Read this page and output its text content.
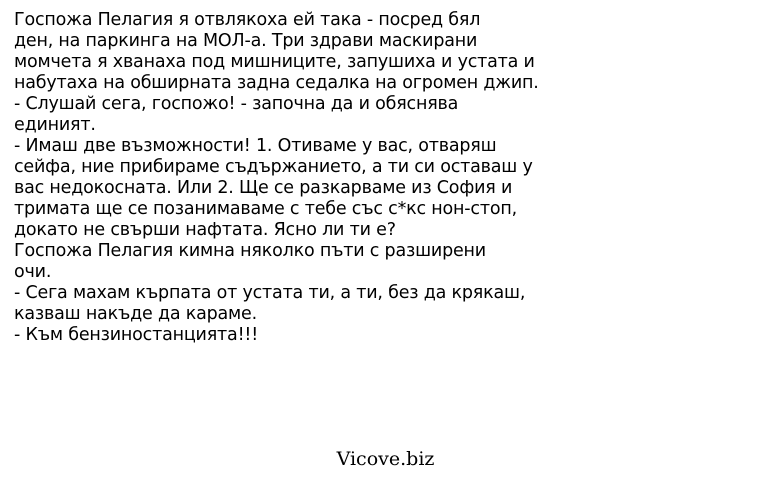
Госпожа Пелагия я отвлякоха ей така - посред бял
ден, на паркинга на МОЛ-а. Три здрави маскирани
момчета я хванаха под мишниците, запушиха и устата и
набутаха на обширната задна седалка на огромен джип.
- Слушай сега, госпожо! - започна да и обяснява
единият.
- Имаш две възможности! 1. Отиваме у вас, отваряш
сейфа, ние прибираме съдържанието, а ти си оставаш у
вас недокосната. Или 2. Ще се разкарваме из София и
тримата ще се позанимаваме с тебе със с*кс нон-стоп,
докато не свърши нафтата. Ясно ли ти е?
Госпожа Пелагия кимна няколко пъти с разширени
очи.
- Сега махам кърпата от устата ти, а ти, без да крякаш,
казваш накъде да караме.
- Към бензиностанцията!!!
Vicove.biz
